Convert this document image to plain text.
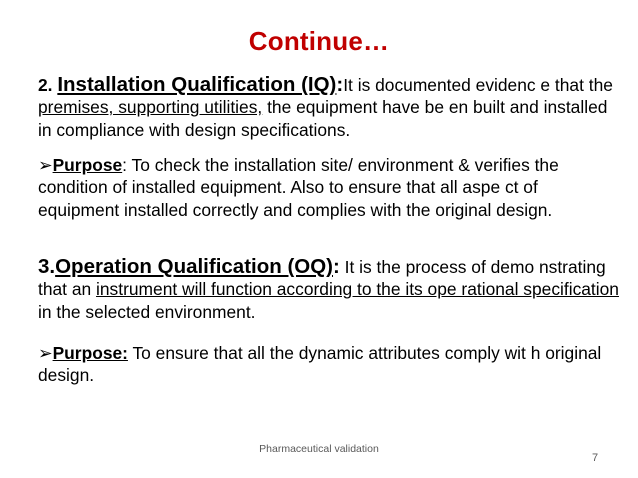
Continue…
2. Installation Qualification (IQ):It is documented evidenc e that the premises, supporting utilities, the equipment have be en built and installed in compliance with design specifications.
➢Purpose: To check the installation site/ environment & verifies the condition of installed equipment. Also to ensure that all aspe ct of equipment installed correctly and complies with the original design.
3.Operation Qualification (OQ): It is the process of demo nstrating that an instrument will function according to the its ope rational specification in the selected environment.
➢Purpose: To ensure that all the dynamic attributes comply wit h original design.
Pharmaceutical validation
7
